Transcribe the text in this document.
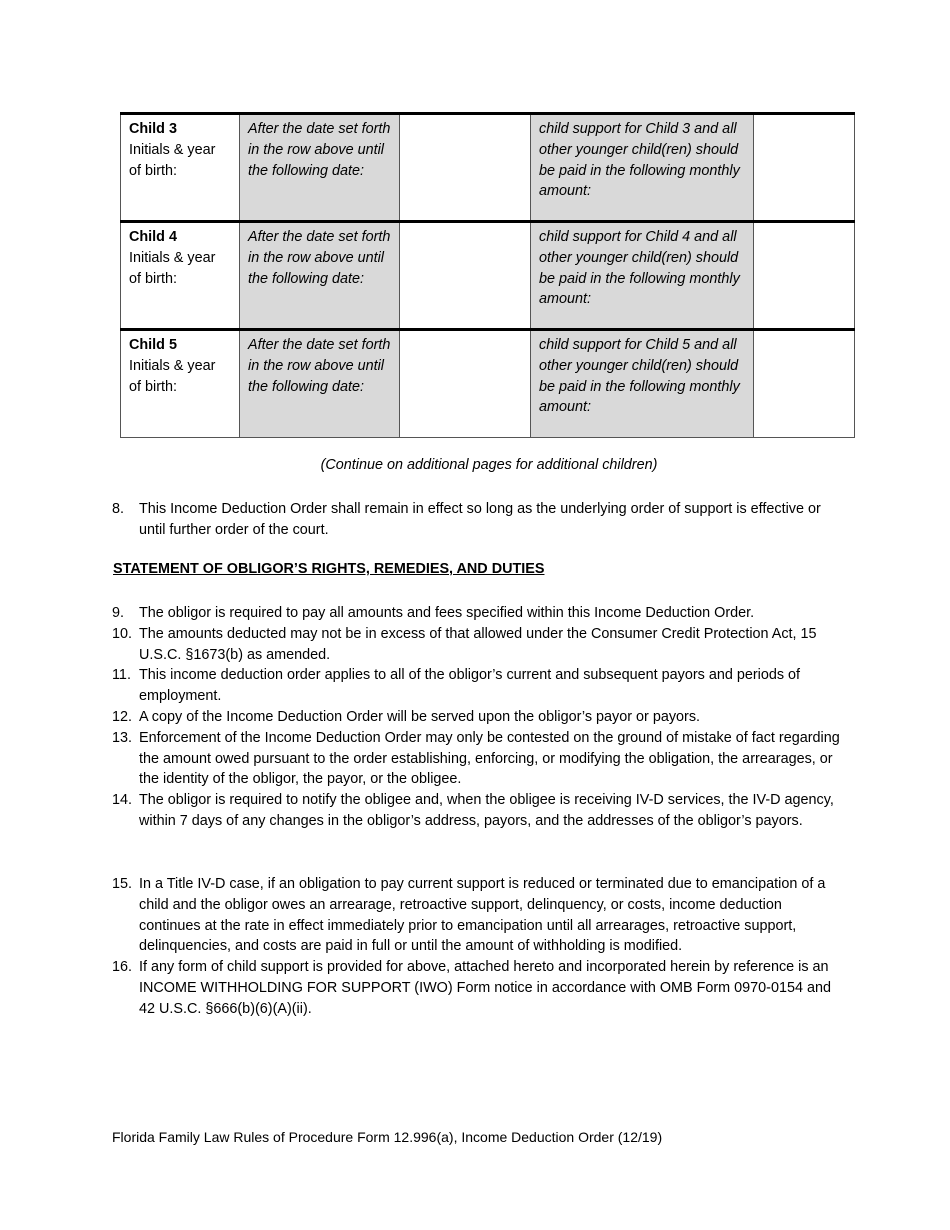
Child 3
Initials & year of birth:	After the date set forth in the row above until the following date:		child support for Child 3 and all other younger child(ren) should be paid in the following monthly amount:	

Child 4
Initials & year of birth:	After the date set forth in the row above until the following date:		child support for Child 4 and all other younger child(ren) should be paid in the following monthly amount:	

Child 5
Initials & year of birth:	After the date set forth in the row above until the following date:		child support for Child 5 and all other younger child(ren) should be paid in the following monthly amount:	
(Continue on additional pages for additional children)
8.	This Income Deduction Order shall remain in effect so long as the underlying order of support is effective or until further order of the court.
STATEMENT OF OBLIGOR’S RIGHTS, REMEDIES, AND DUTIES
9.	The obligor is required to pay all amounts and fees specified within this Income Deduction Order.
10. The amounts deducted may not be in excess of that allowed under the Consumer Credit Protection Act, 15 U.S.C. §1673(b) as amended.
11. This income deduction order applies to all of the obligor’s current and subsequent payors and periods of employment.
12. A copy of the Income Deduction Order will be served upon the obligor’s payor or payors.
13. Enforcement of the Income Deduction Order may only be contested on the ground of mistake of fact regarding the amount owed pursuant to the order establishing, enforcing, or modifying the obligation, the arrearages, or the identity of the obligor, the payor, or the obligee.
14. The obligor is required to notify the obligee and, when the obligee is receiving IV-D services, the IV-D agency, within 7 days of any changes in the obligor’s address, payors, and the addresses of the obligor’s payors.
15. In a Title IV-D case, if an obligation to pay current support is reduced or terminated due to emancipation of a child and the obligor owes an arrearage, retroactive support, delinquency, or costs, income deduction continues at the rate in effect immediately prior to emancipation until all arrearages, retroactive support, delinquencies, and costs are paid in full or until the amount of withholding is modified.
16. If any form of child support is provided for above, attached hereto and incorporated herein by reference is an INCOME WITHHOLDING FOR SUPPORT (IWO) Form notice in accordance with OMB Form 0970-0154 and 42 U.S.C. §666(b)(6)(A)(ii).
Florida Family Law Rules of Procedure Form 12.996(a), Income Deduction Order (12/19)
